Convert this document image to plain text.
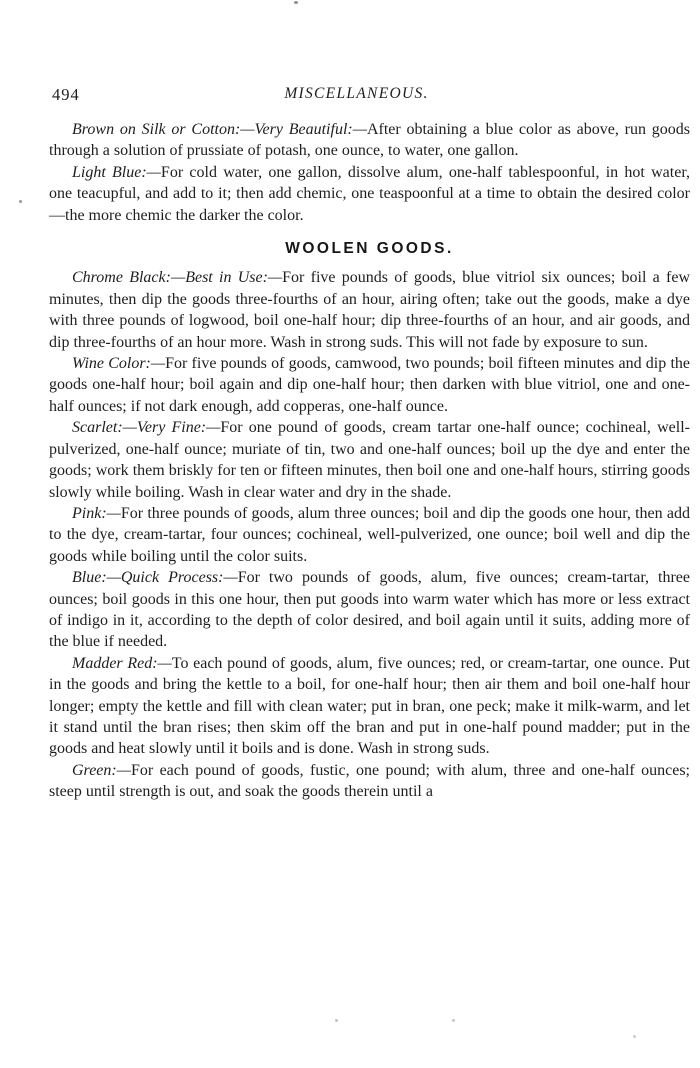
494	MISCELLANEOUS.

Brown on Silk or Cotton:—Very Beautiful:—After obtaining a blue color as above, run goods through a solution of prussiate of potash, one ounce, to water, one gallon.

Light Blue:—For cold water, one gallon, dissolve alum, one-half tablespoonful, in hot water, one teacupful, and add to it; then add chemic, one teaspoonful at a time to obtain the desired color—the more chemic the darker the color.

WOOLEN GOODS.

Chrome Black:—Best in Use:—For five pounds of goods, blue vitriol six ounces; boil a few minutes, then dip the goods three-fourths of an hour, airing often; take out the goods, make a dye with three pounds of logwood, boil one-half hour; dip three-fourths of an hour, and air goods, and dip three-fourths of an hour more. Wash in strong suds. This will not fade by exposure to sun.

Wine Color:—For five pounds of goods, camwood, two pounds; boil fifteen minutes and dip the goods one-half hour; boil again and dip one-half hour; then darken with blue vitriol, one and one-half ounces; if not dark enough, add copperas, one-half ounce.

Scarlet:—Very Fine:—For one pound of goods, cream tartar one-half ounce; cochineal, well-pulverized, one-half ounce; muriate of tin, two and one-half ounces; boil up the dye and enter the goods; work them briskly for ten or fifteen minutes, then boil one and one-half hours, stirring goods slowly while boiling. Wash in clear water and dry in the shade.

Pink:—For three pounds of goods, alum three ounces; boil and dip the goods one hour, then add to the dye, cream-tartar, four ounces; cochineal, well-pulverized, one ounce; boil well and dip the goods while boiling until the color suits.

Blue:—Quick Process:—For two pounds of goods, alum, five ounces; cream-tartar, three ounces; boil goods in this one hour, then put goods into warm water which has more or less extract of indigo in it, according to the depth of color desired, and boil again until it suits, adding more of the blue if needed.

Madder Red:—To each pound of goods, alum, five ounces; red, or cream-tartar, one ounce. Put in the goods and bring the kettle to a boil, for one-half hour; then air them and boil one-half hour longer; empty the kettle and fill with clean water; put in bran, one peck; make it milk-warm, and let it stand until the bran rises; then skim off the bran and put in one-half pound madder; put in the goods and heat slowly until it boils and is done. Wash in strong suds.

Green:—For each pound of goods, fustic, one pound; with alum, three and one-half ounces; steep until strength is out, and soak the goods therein until a
